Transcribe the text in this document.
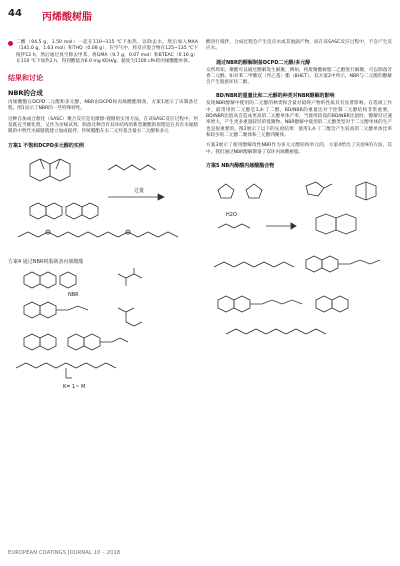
44 丙烯酸树脂

二酸（94.5 g，1.50 mol）一起在110~115 ℃下加热，以除去水。然后加入MAA（141.0 g，1.63 mol）和THQ（0.08 g），在空气中，将反应混合物在125~135 ℃下搅拌12 h，然后通过真空除去甲苯，将GMA（9.7 g，0.07 mol）和BTEAC（0.16 g）在110 ℃下加热2 h，得到酸值为6.0 mg KOH/g，黏度为1100 cPs的丙烯酸酯单体。

结果和讨论
NBR的合成

丙烯酸酯在DCPD二元醇和多元醇，NBR由DCPD和丙烯酸酯制备，方案1展示了该制备过程。图1显示了NBR的一些特殊特性。

这种自加成合催化（SASC）聚合反应是电摩擦-锂键的实用方法，在该SASC反应过程中，羟基既充当催化剂，又作为亲核试剂。制备这种含有双环结构的新型聚酯的原理是在具有水烯腈膜的中替代水烯腈就建立加成搅拌。传统膜酯在水二元羟基含量水二元醇和多元

方案1 不饱和DCPD多元醇的实例
过量
方案4 通过NBR树脂制备丙烯酸酯
NBR
K= 1~ M

酸进行搅拌，合成过程会产生反应水或其他副产物，而在该SASC反应过程中，不会产生反应水。

通过NBR的醇解制备DCPD二元醇/多元醇

众所周知，聚酯可以通过醇解发生解聚，例如，将废聚酯树脂二乙醇进行解聚，可以制备芳香二元醇。如对苯二甲酸双（羟乙基）酯（BHET）。双方案2中所示，NBR与二元醇的醇解会产生脂族环状二醇。

BD/NBR的重量比和二元醇的种类对NBR醇解的影响

发现NBR醇解中使用的二元醇的种类和含量对最终产物的性质具有显著影响。在选项工作中，最常用的二元醇是1,4-丁二醇。BD/NBR的重量比对于控制二元醇结构非常重要。BD/NBR比值高会造成更高的二元醇单体产率，当使用较高的BD/NBR比值时，醇解反应速率增大，产生更多重量较轻的低聚物。NBR醇解中使用的二元醇类型对于二元醇单体的生产也是很重要的。图2展示了以下的实验结果：使用1,4-丁二醇会产生较高的二元醇单体比率和较少的二元醇二聚体和三元醇四聚体。

方案3展示了使用醇解改性NBR作为多元元醇结构单元的，方案4给出了实验9的方法，其中，我们通过NBR醇解制备了双环丙烯酸树脂。

方案5 NB内醇酸丙烯酸酯合物
H2O
EUROPEAN COATINGS JOURNAL 10 – 2018
